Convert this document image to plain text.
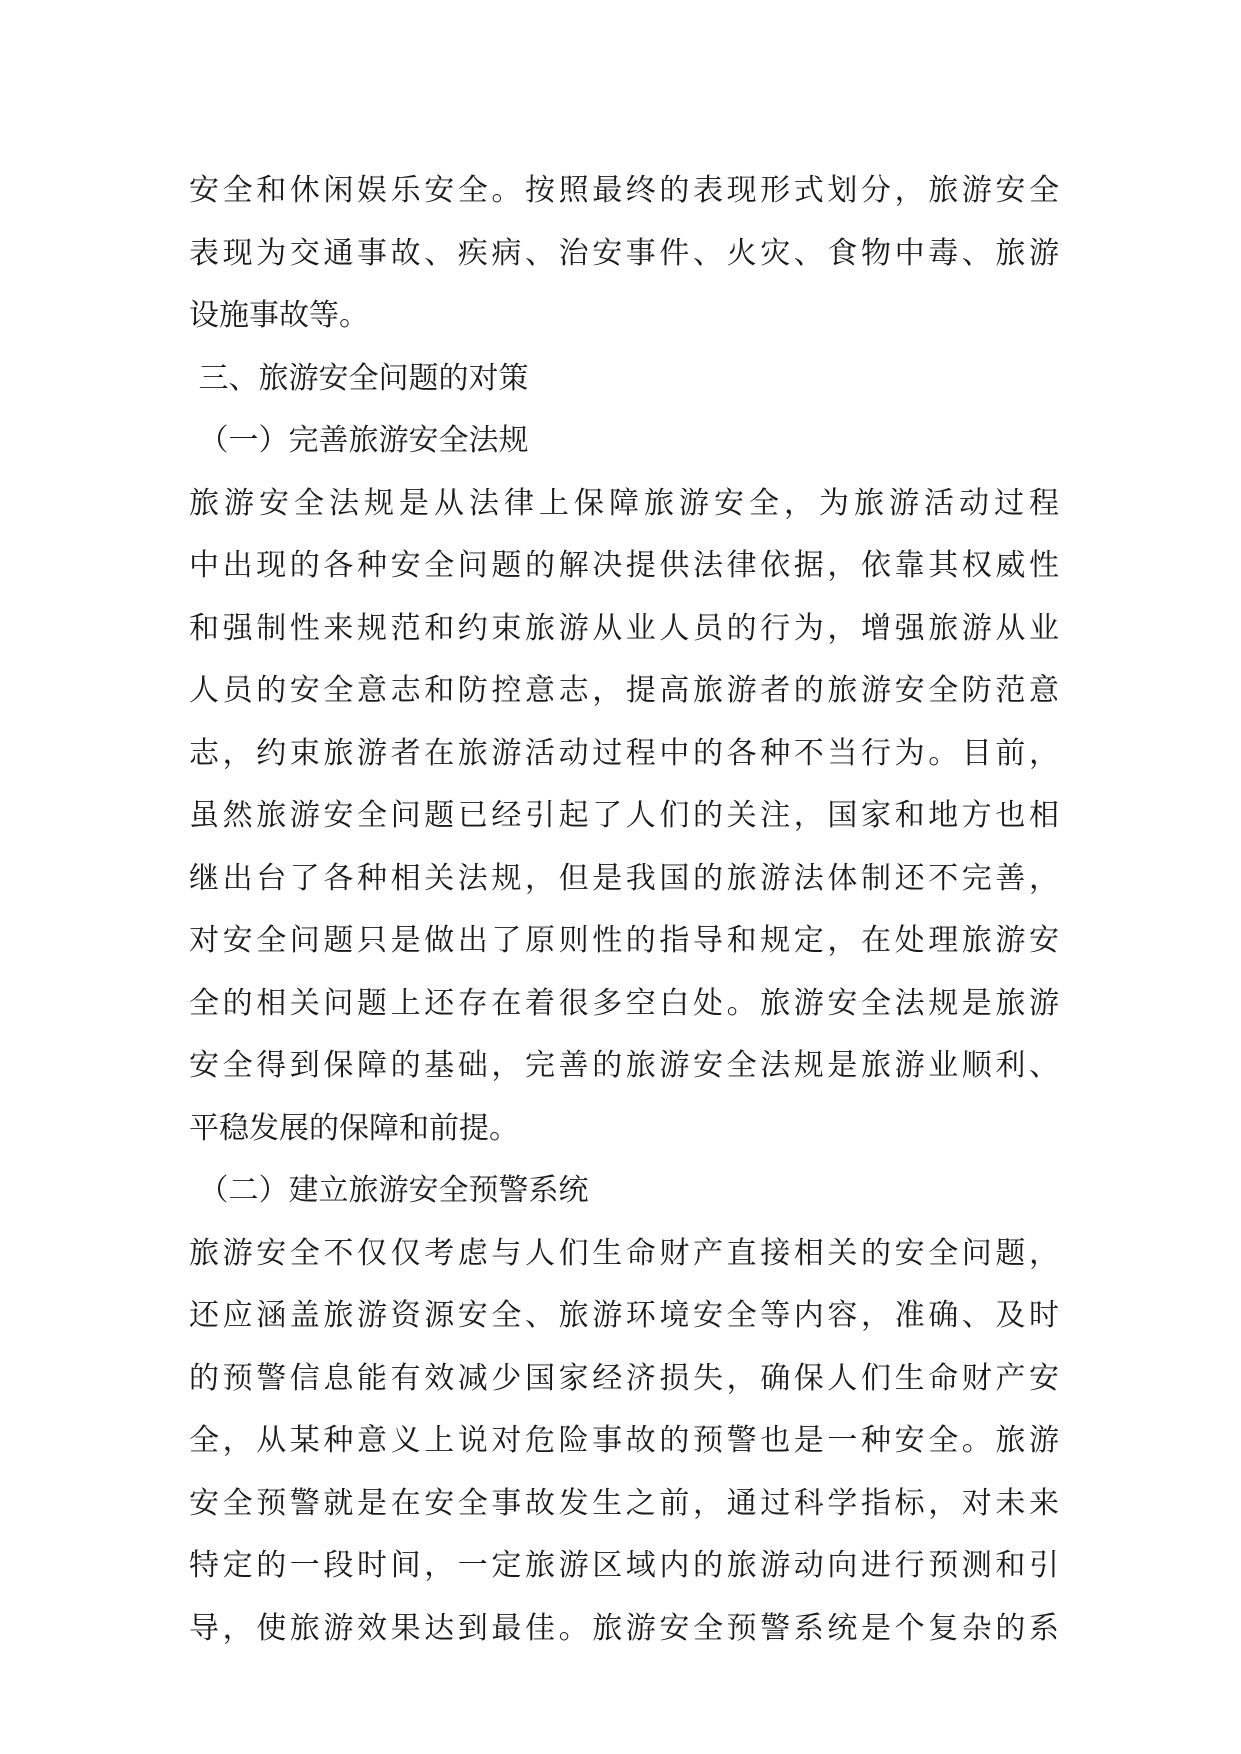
安全和休闲娱乐安全。按照最终的表现形式划分，旅游安全
表现为交通事故、疾病、治安事件、火灾、食物中毒、旅游
设施事故等。
三、旅游安全问题的对策
（一）完善旅游安全法规
旅游安全法规是从法律上保障旅游安全，为旅游活动过程
中出现的各种安全问题的解决提供法律依据，依靠其权威性
和强制性来规范和约束旅游从业人员的行为，增强旅游从业
人员的安全意志和防控意志，提高旅游者的旅游安全防范意
志，约束旅游者在旅游活动过程中的各种不当行为。目前，
虽然旅游安全问题已经引起了人们的关注，国家和地方也相
继出台了各种相关法规，但是我国的旅游法体制还不完善，
对安全问题只是做出了原则性的指导和规定，在处理旅游安
全的相关问题上还存在着很多空白处。旅游安全法规是旅游
安全得到保障的基础，完善的旅游安全法规是旅游业顺利、
平稳发展的保障和前提。
（二）建立旅游安全预警系统
旅游安全不仅仅考虑与人们生命财产直接相关的安全问题，
还应涵盖旅游资源安全、旅游环境安全等内容，准确、及时
的预警信息能有效减少国家经济损失，确保人们生命财产安
全，从某种意义上说对危险事故的预警也是一种安全。旅游
安全预警就是在安全事故发生之前，通过科学指标，对未来
特定的一段时间，一定旅游区域内的旅游动向进行预测和引
导，使旅游效果达到最佳。旅游安全预警系统是个复杂的系
